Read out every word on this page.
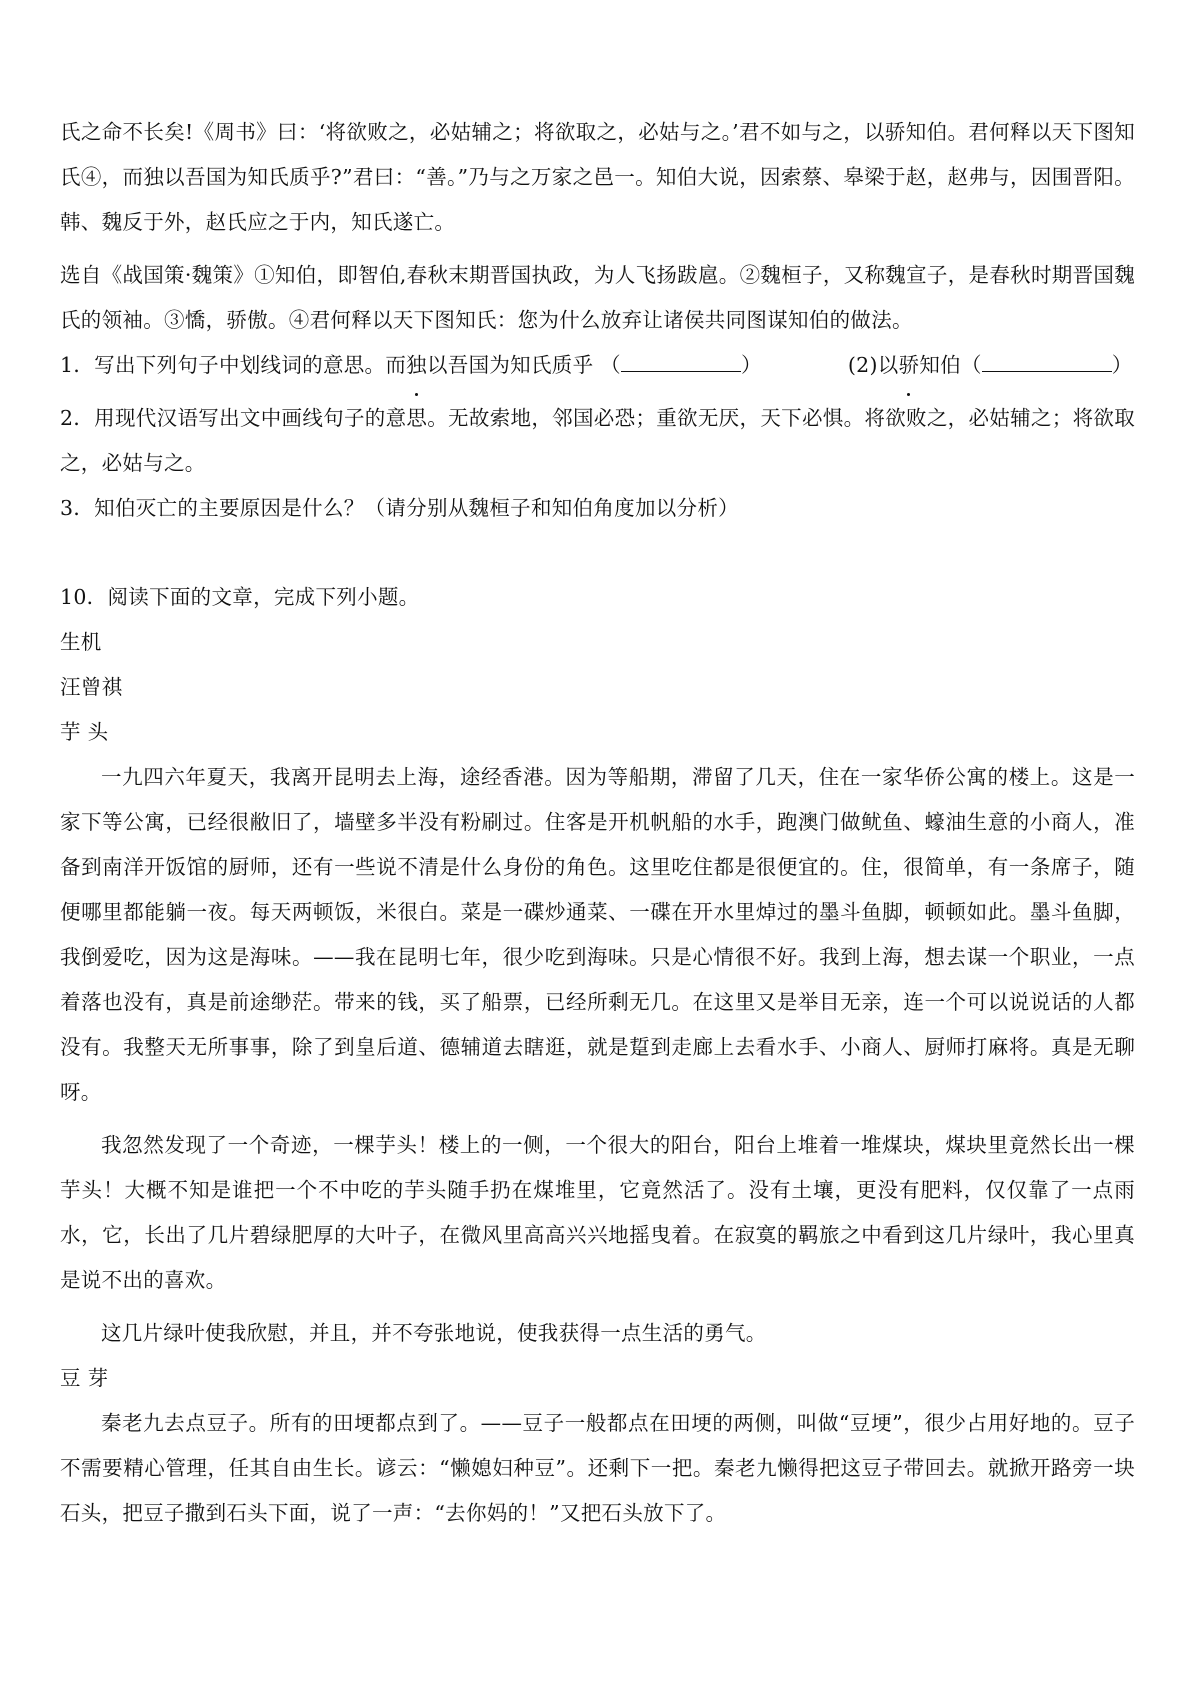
氏之命不长矣!《周书》曰：‘将欲败之，必姑辅之；将欲取之，必姑与之。’君不如与之，以骄知伯。君何释以天下图知氏④，而独以吾国为知氏质乎?”君曰：“善。”乃与之万家之邑一。知伯大说，因索蔡、皋梁于赵，赵弗与，因围晋阳。韩、魏反于外，赵氏应之于内，知氏遂亡。

选自《战国策·魏策》①知伯，即智伯,春秋末期晋国执政，为人飞扬跋扈。②魏桓子，又称魏宣子，是春秋时期晋国魏氏的领袖。③憍，骄傲。④君何释以天下图知氏：您为什么放弃让诸侯共同图谋知伯的做法。

1．写出下列句子中划线词的意思。而 独 以吾国为知氏质乎 （	）	(2)以 骄 知伯（	）

2．用现代汉语写出文中画线句子的意思。无故索地，邻国必恐；重欲无厌，天下必惧。将欲败之，必姑辅之；将欲取之，必姑与之。

3．知伯灭亡的主要原因是什么？（请分别从魏桓子和知伯角度加以分析）

10．阅读下面的文章，完成下列小题。

生机

汪曾祺

芋 头

一九四六年夏天，我离开昆明去上海，途经香港。因为等船期，滞留了几天，住在一家华侨公寓的楼上。这是一家下等公寓，已经很敝旧了，墙壁多半没有粉刷过。住客是开机帆船的水手，跑澳门做鱿鱼、蠔油生意的小商人，准备到南洋开饭馆的厨师，还有一些说不清是什么身份的角色。这里吃住都是很便宜的。住，很简单，有一条席子，随便哪里都能躺一夜。每天两顿饭，米很白。菜是一碟炒通菜、一碟在开水里焯过的墨斗鱼脚，顿顿如此。墨斗鱼脚，我倒爱吃，因为这是海味。——我在昆明七年，很少吃到海味。只是心情很不好。我到上海，想去谋一个职业，一点着落也没有，真是前途缈茫。带来的钱，买了船票，已经所剩无几。在这里又是举目无亲，连一个可以说说话的人都没有。我整天无所事事，除了到皇后道、德辅道去瞎逛，就是踅到走廊上去看水手、小商人、厨师打麻将。真是无聊呀。

我忽然发现了一个奇迹，一棵芋头！楼上的一侧，一个很大的阳台，阳台上堆着一堆煤块，煤块里竟然长出一棵芋头！大概不知是谁把一个不中吃的芋头随手扔在煤堆里，它竟然活了。没有土壤，更没有肥料，仅仅靠了一点雨水，它，长出了几片碧绿肥厚的大叶子，在微风里高高兴兴地摇曳着。在寂寞的羁旅之中看到这几片绿叶，我心里真是说不出的喜欢。

这几片绿叶使我欣慰，并且，并不夸张地说，使我获得一点生活的勇气。

豆 芽

秦老九去点豆子。所有的田埂都点到了。——豆子一般都点在田埂的两侧，叫做“豆埂”，很少占用好地的。豆子不需要精心管理，任其自由生长。谚云：“懒媳妇种豆”。还剩下一把。秦老九懒得把这豆子带回去。就掀开路旁一块石头，把豆子撒到石头下面，说了一声：“去你妈的！”又把石头放下了。
